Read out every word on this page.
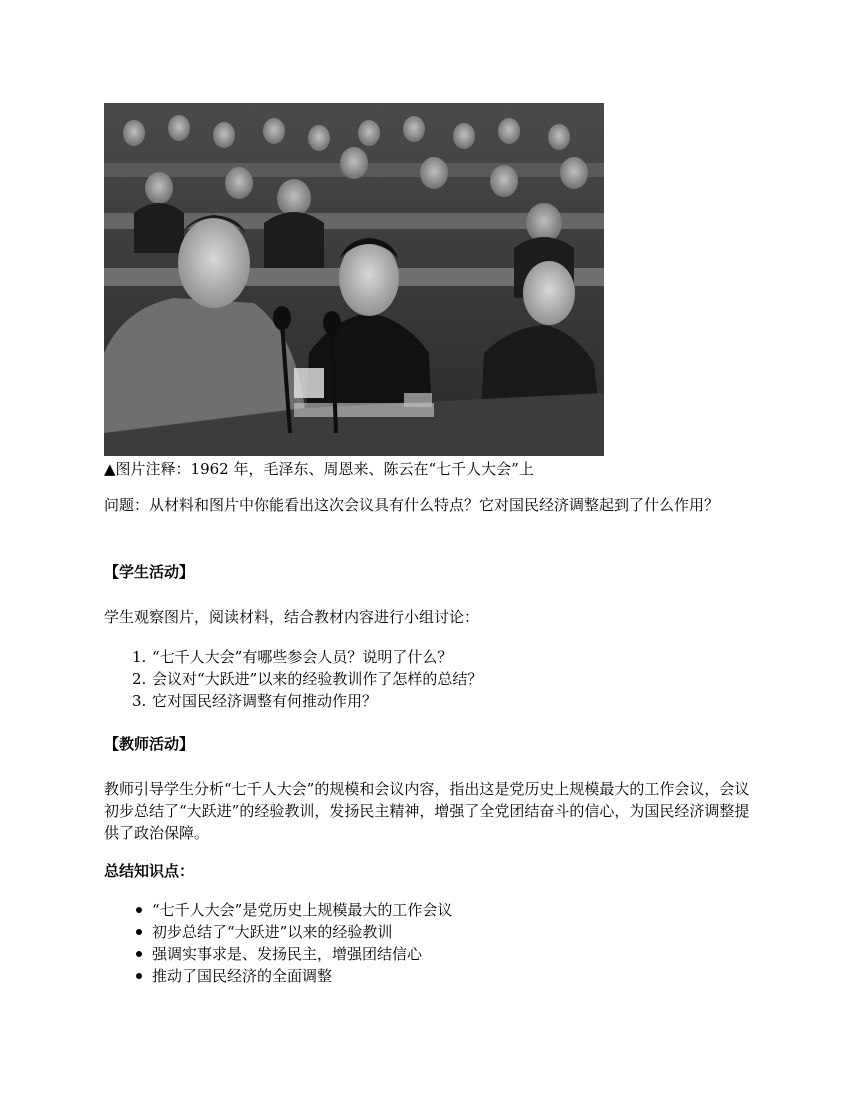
▲图片注释：1962 年，毛泽东、周恩来、陈云在“七千人大会”上
问题：从材料和图片中你能看出这次会议具有什么特点？它对国民经济调整起到了什么作用？
【学生活动】
学生观察图片，阅读材料，结合教材内容进行小组讨论：
1. “七千人大会”有哪些参会人员？说明了什么？
2. 会议对“大跃进”以来的经验教训作了怎样的总结？
3. 它对国民经济调整有何推动作用？
【教师活动】
教师引导学生分析“七千人大会”的规模和会议内容，指出这是党历史上规模最大的工作会议，会议初步总结了“大跃进”的经验教训，发扬民主精神，增强了全党团结奋斗的信心，为国民经济调整提供了政治保障。
总结知识点：
“七千人大会”是党历史上规模最大的工作会议
初步总结了“大跃进”以来的经验教训
强调实事求是、发扬民主，增强团结信心
推动了国民经济的全面调整
